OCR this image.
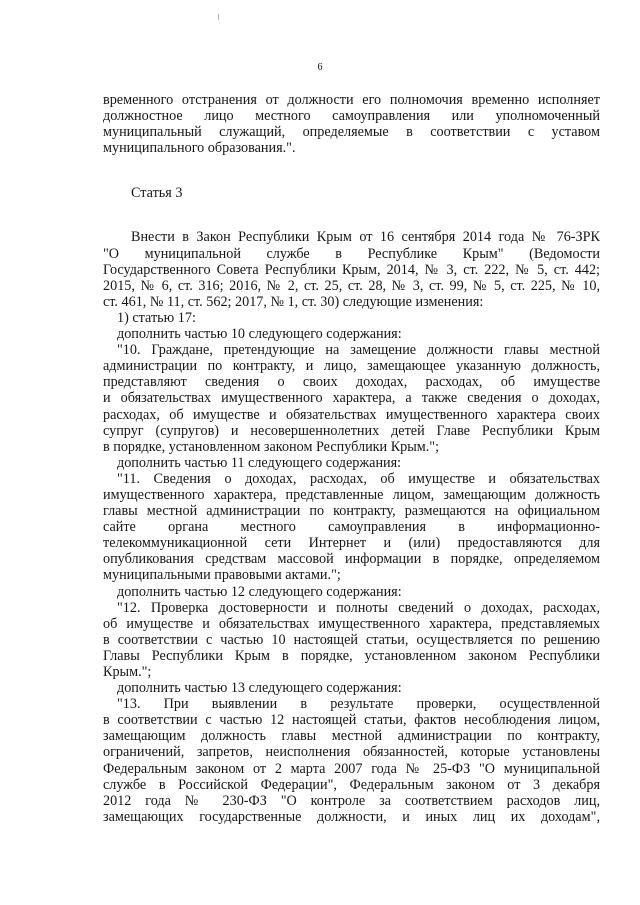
6
временного отстранения от должности его полномочия временно исполняет
должностное лицо местного самоуправления или уполномоченный
муниципальный служащий, определяемые в соответствии с уставом
муниципального образования.".
Статья 3
Внести в Закон Республики Крым от 16 сентября 2014 года № 76-ЗРК
"О муниципальной службе в Республике Крым" (Ведомости
Государственного Совета Республики Крым, 2014, № 3, ст. 222, № 5, ст. 442;
2015, № 6, ст. 316; 2016, № 2, ст. 25, ст. 28, № 3, ст. 99, № 5, ст. 225, № 10,
ст. 461, № 11, ст. 562; 2017, № 1, ст. 30) следующие изменения:
1) статью 17:
дополнить частью 10 следующего содержания:
"10. Граждане, претендующие на замещение должности главы местной
администрации по контракту, и лицо, замещающее указанную должность,
представляют сведения о своих доходах, расходах, об имуществе
и обязательствах имущественного характера, а также сведения о доходах,
расходах, об имуществе и обязательствах имущественного характера своих
супруг (супругов) и несовершеннолетних детей Главе Республики Крым
в порядке, установленном законом Республики Крым.";
дополнить частью 11 следующего содержания:
"11. Сведения о доходах, расходах, об имуществе и обязательствах
имущественного характера, представленные лицом, замещающим должность
главы местной администрации по контракту, размещаются на официальном
сайте органа местного самоуправления в информационно-
телекоммуникационной сети Интернет и (или) предоставляются для
опубликования средствам массовой информации в порядке, определяемом
муниципальными правовыми актами.";
дополнить частью 12 следующего содержания:
"12. Проверка достоверности и полноты сведений о доходах, расходах,
об имуществе и обязательствах имущественного характера, представляемых
в соответствии с частью 10 настоящей статьи, осуществляется по решению
Главы Республики Крым в порядке, установленном законом Республики
Крым.";
дополнить частью 13 следующего содержания:
"13. При выявлении в результате проверки, осуществленной
в соответствии с частью 12 настоящей статьи, фактов несоблюдения лицом,
замещающим должность главы местной администрации по контракту,
ограничений, запретов, неисполнения обязанностей, которые установлены
Федеральным законом от 2 марта 2007 года № 25-ФЗ "О муниципальной
службе в Российской Федерации", Федеральным законом от 3 декабря
2012 года № 230-ФЗ "О контроле за соответствием расходов лиц,
замещающих государственные должности, и иных лиц их доходам",
